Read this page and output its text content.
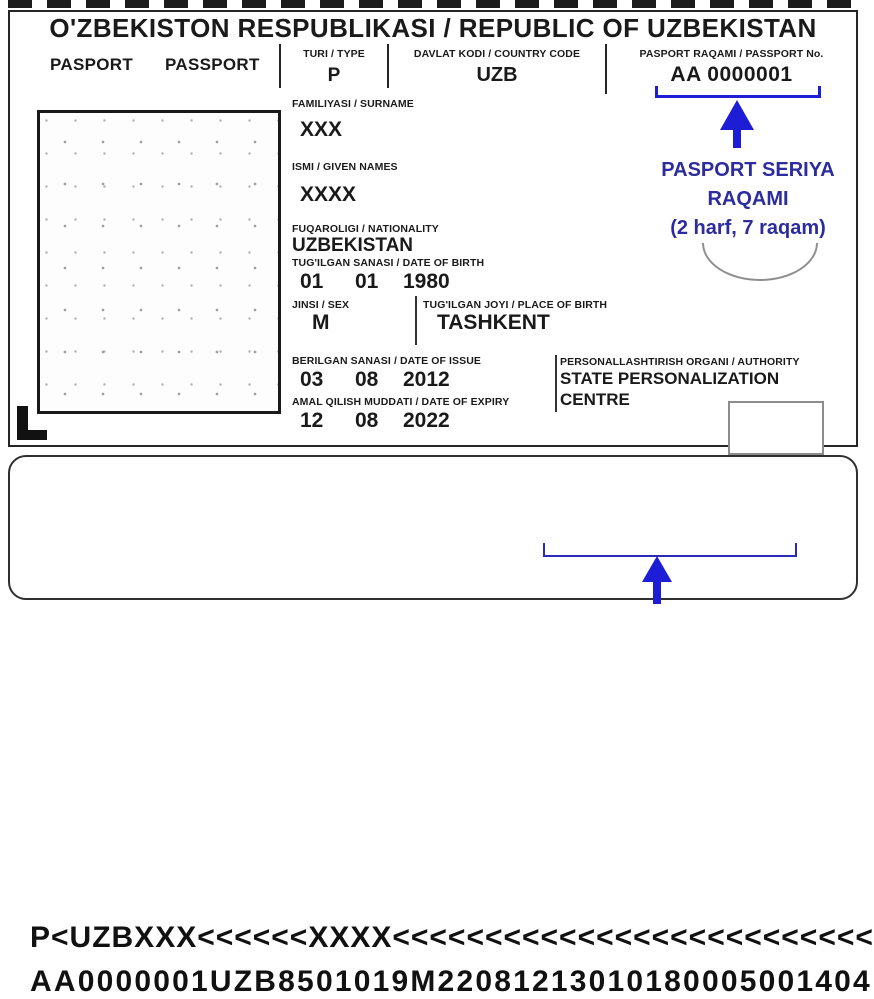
O'ZBEKISTON RESPUBLIKASI / REPUBLIC OF UZBEKISTAN
PASPORT PASSPORT
TURI / TYPE
P
DAVLAT KODI / COUNTRY CODE
UZB
PASPORT RAQAMI / PASSPORT No.
AA 0000001
FAMILIYASI / SURNAME
XXX
ISMI / GIVEN NAMES
XXXX
FUQAROLIGI / NATIONALITY
UZBEKISTAN
TUG'ILGAN SANASI / DATE OF BIRTH
01 01 1980
JINSI / SEX
M
TUG'ILGAN JOYI / PLACE OF BIRTH
TASHKENT
BERILGAN SANASI / DATE OF ISSUE
03 08 2012
AMAL QILISH MUDDATI / DATE OF EXPIRY
12 08 2022
PERSONALLASHTIRISH ORGANI / AUTHORITY
STATE PERSONALIZATION CENTRE
PASPORT SERIYA
RAQAMI
(2 harf, 7 raqam)
P<UZBXXX<<<<<<XXXX<<<<<<<<<<<<<<<<<<<<<<<<<<
AA0000001UZB8501019M22081213010180005001404
